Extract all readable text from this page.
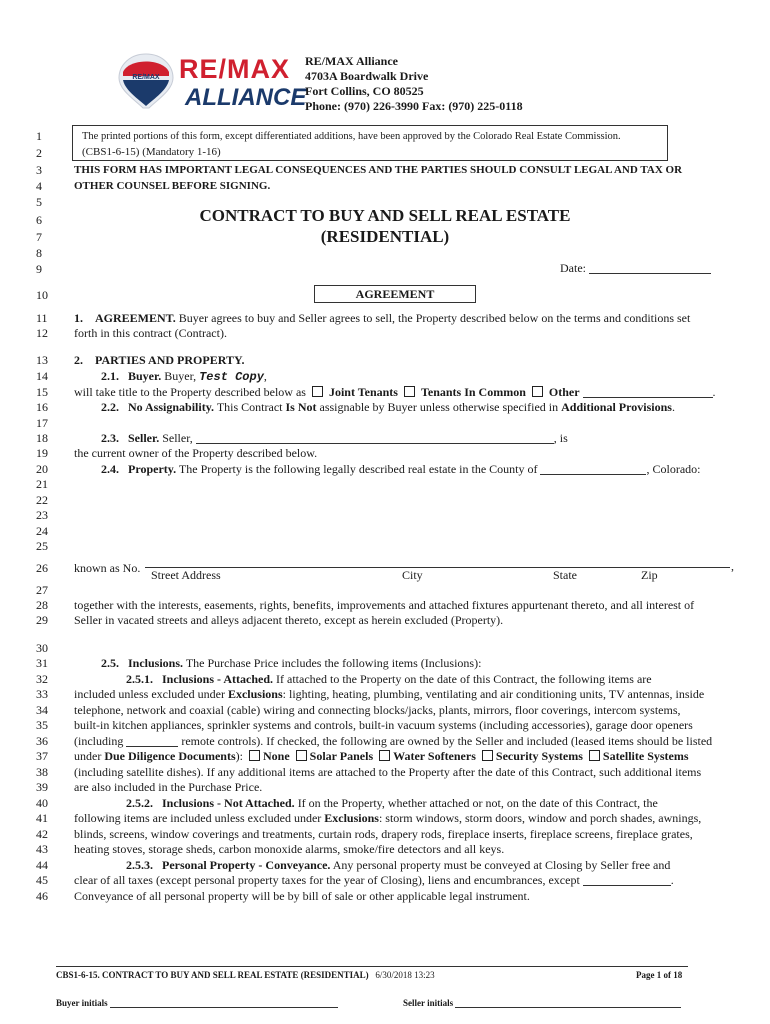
RE/MAX RE/MAX
ALLIANCE
RE/MAX Alliance
4703A Boardwalk Drive
Fort Collins, CO 80525
Phone: (970) 226-3990 Fax: (970) 225-0118
1
2
3
4
5
6
7
8
9
10
11
12
13
14
15
16
17
18
19
20
21
22
23
24
25
26
27
28
29
30
31
32
33
34
35
36
37
38
39
40
41
42
43
44
45
46
The printed portions of this form, except differentiated additions, have been approved by the Colorado Real Estate Commission.
(CBS1-6-15) (Mandatory 1-16)
THIS FORM HAS IMPORTANT LEGAL CONSEQUENCES AND THE PARTIES SHOULD CONSULT LEGAL AND TAX OR
OTHER COUNSEL BEFORE SIGNING.
CONTRACT TO BUY AND SELL REAL ESTATE
(RESIDENTIAL)
Date:
AGREEMENT
1. AGREEMENT. Buyer agrees to buy and Seller agrees to sell, the Property described below on the terms and conditions set
forth in this contract (Contract).
2.    PARTIES AND PROPERTY.
2.1. Buyer. Buyer, Test Copy,
will take title to the Property described below as Joint Tenants Tenants In Common Other	.
2.2. No Assignability. This Contract Is Not assignable by Buyer unless otherwise specified in Additional Provisions.
2.3. Seller. Seller,	, is
the current owner of the Property described below.
2.4. Property. The Property is the following legally described real estate in the County of	, Colorado:
known as No.	,
Street Address	City	State	Zip
together with the interests, easements, rights, benefits, improvements and attached fixtures appurtenant thereto, and all interest of
Seller in vacated streets and alleys adjacent thereto, except as herein excluded (Property).
2.5. Inclusions. The Purchase Price includes the following items (Inclusions):
2.5.1. Inclusions - Attached. If attached to the Property on the date of this Contract, the following items are
included unless excluded under Exclusions: lighting, heating, plumbing, ventilating and air conditioning units, TV antennas, inside
telephone, network and coaxial (cable) wiring and connecting blocks/jacks, plants, mirrors, floor coverings, intercom systems,
built-in kitchen appliances, sprinkler systems and controls, built-in vacuum systems (including accessories), garage door openers
(including	remote controls). If checked, the following are owned by the Seller and included (leased items should be listed
under Due Diligence Documents): None Solar Panels Water Softeners Security Systems Satellite Systems
(including satellite dishes). If any additional items are attached to the Property after the date of this Contract, such additional items
are also included in the Purchase Price.
2.5.2. Inclusions - Not Attached. If on the Property, whether attached or not, on the date of this Contract, the
following items are included unless excluded under Exclusions: storm windows, storm doors, window and porch shades, awnings,
blinds, screens, window coverings and treatments, curtain rods, drapery rods, fireplace inserts, fireplace screens, fireplace grates,
heating stoves, storage sheds, carbon monoxide alarms, smoke/fire detectors and all keys.
2.5.3. Personal Property - Conveyance. Any personal property must be conveyed at Closing by Seller free and
clear of all taxes (except personal property taxes for the year of Closing), liens and encumbrances, except	.
Conveyance of all personal property will be by bill of sale or other applicable legal instrument.
CBS1-6-15. CONTRACT TO BUY AND SELL REAL ESTATE (RESIDENTIAL) 6/30/2018 13:23	Page 1 of 18
Buyer initials	Seller initials
